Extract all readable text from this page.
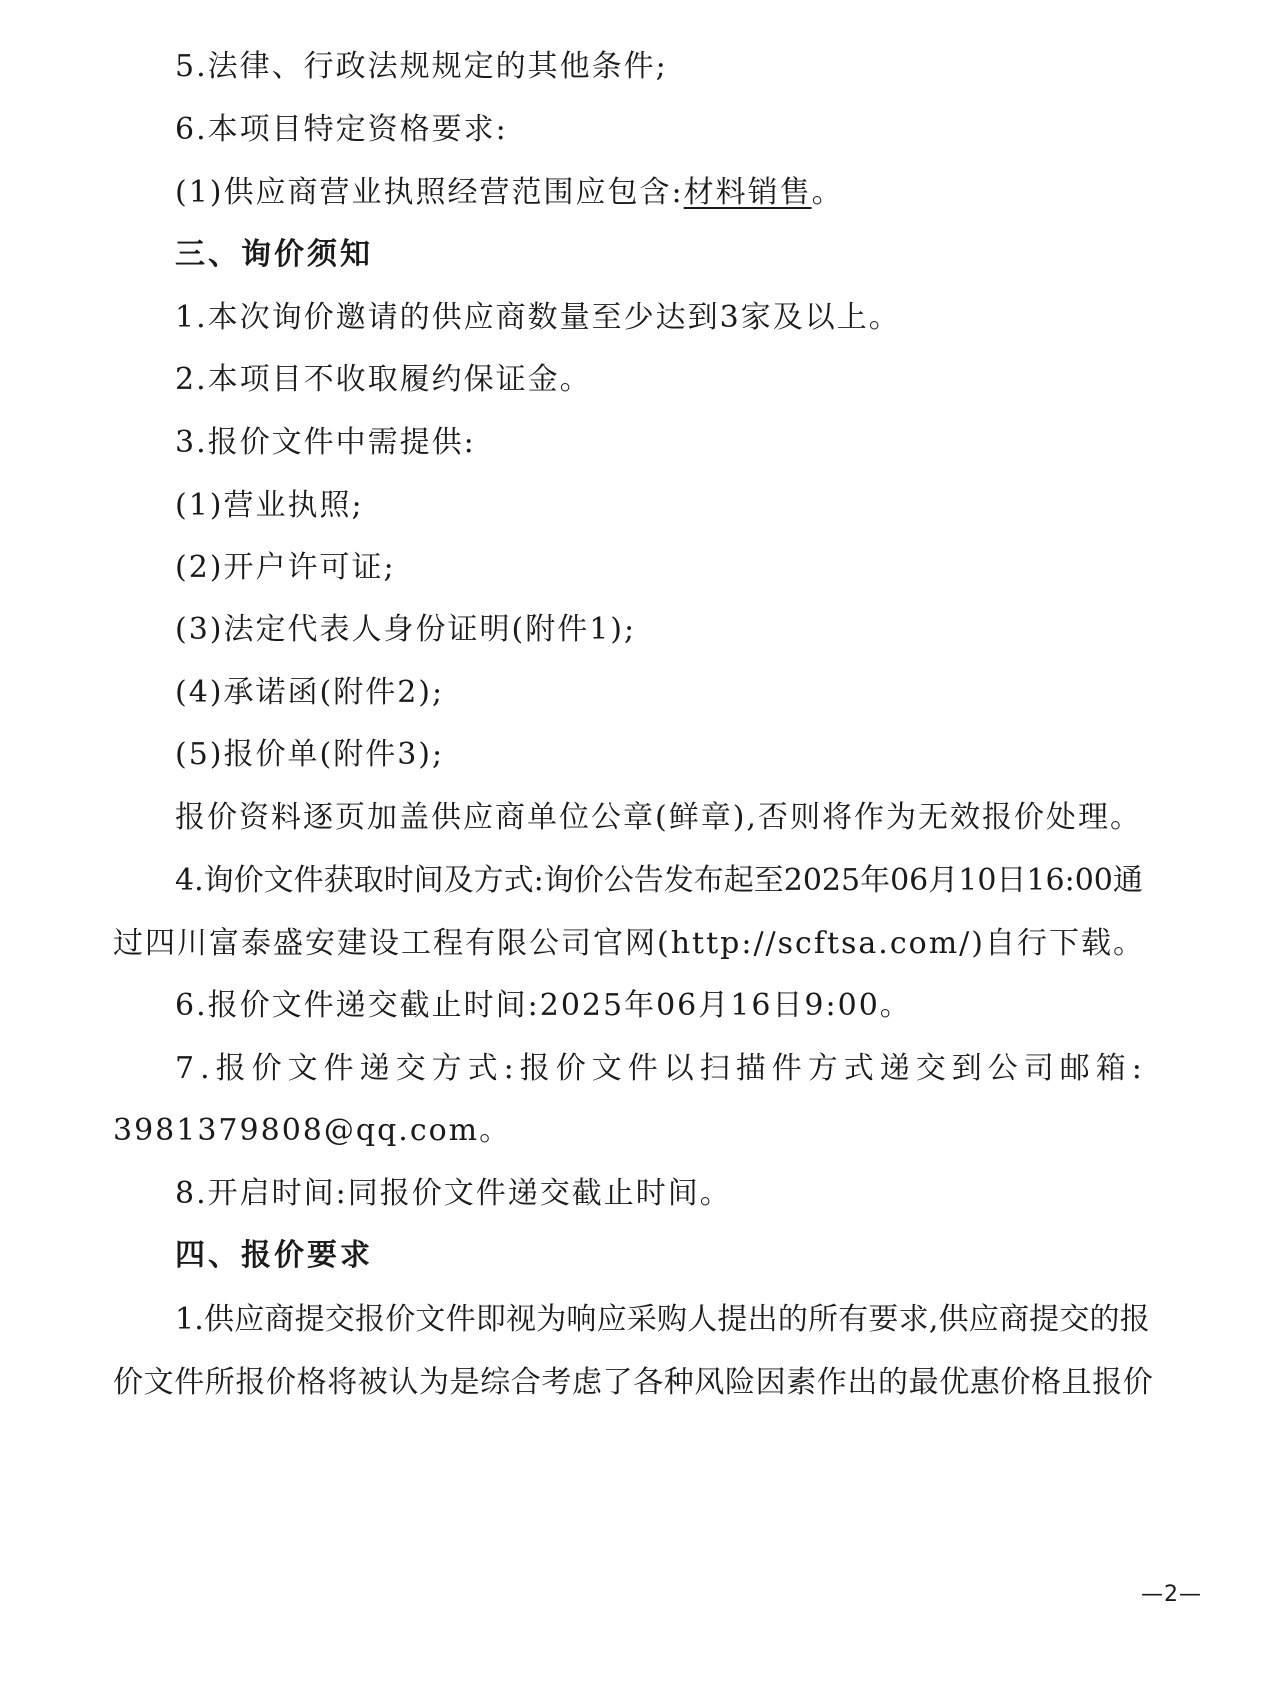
5.法律、行政法规规定的其他条件;
6.本项目特定资格要求:
(1)供应商营业执照经营范围应包含:材料销售。
三、询价须知
1.本次询价邀请的供应商数量至少达到3家及以上。
2.本项目不收取履约保证金。
3.报价文件中需提供:
(1)营业执照;
(2)开户许可证;
(3)法定代表人身份证明(附件1);
(4)承诺函(附件2);
(5)报价单(附件3);
报价资料逐页加盖供应商单位公章(鲜章),否则将作为无效报价处理。
4.询价文件获取时间及方式:询价公告发布起至2025年06月10日16:00通
过四川富泰盛安建设工程有限公司官网(http://scftsa.com/)自行下载。
6.报价文件递交截止时间:2025年06月16日9:00。
7.报价文件递交方式:报价文件以扫描件方式递交到公司邮箱:
3981379808@qq.com。
8.开启时间:同报价文件递交截止时间。
四、报价要求
1.供应商提交报价文件即视为响应采购人提出的所有要求,供应商提交的报
价文件所报价格将被认为是综合考虑了各种风险因素作出的最优惠价格且报价
—2—
